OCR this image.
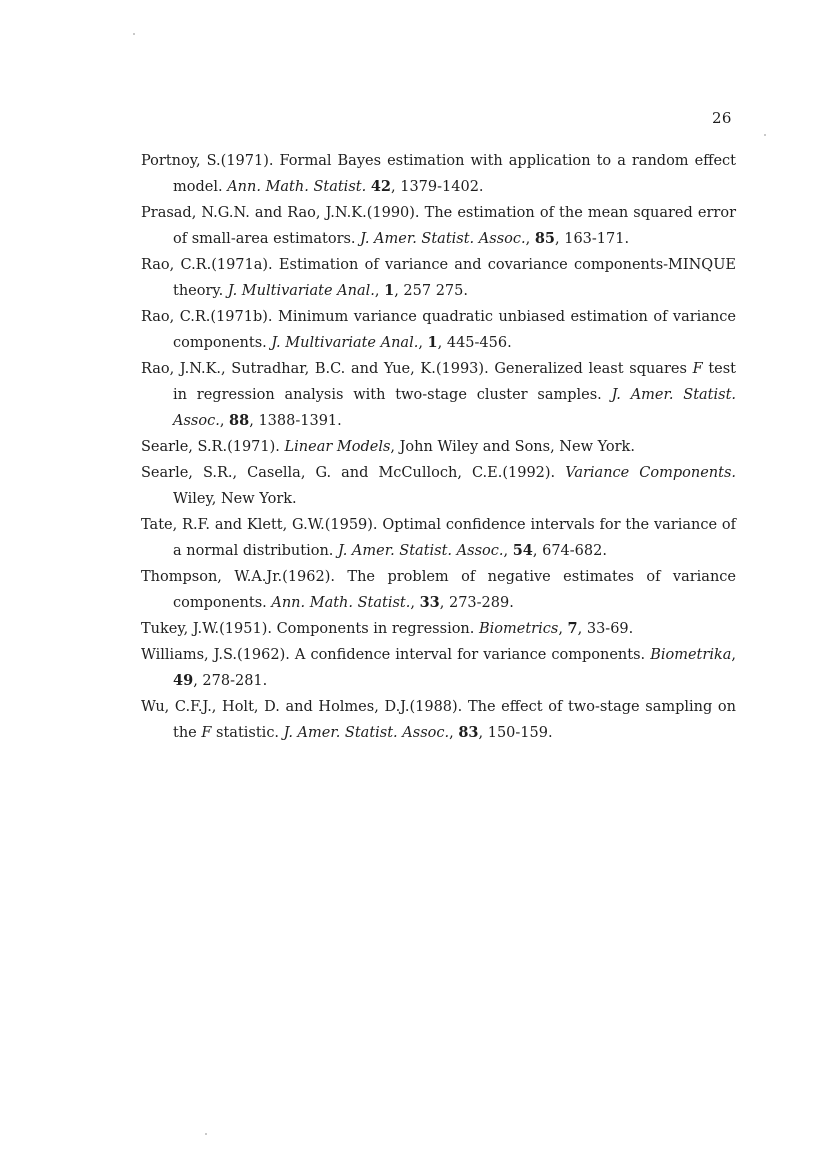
26

Portnoy, S.(1971). Formal Bayes estimation with application to a random effect model. Ann. Math. Statist. 42, 1379-1402.

Prasad, N.G.N. and Rao, J.N.K.(1990). The estimation of the mean squared error of small-area estimators. J. Amer. Statist. Assoc., 85, 163-171.

Rao, C.R.(1971a). Estimation of variance and covariance components-MINQUE theory. J. Multivariate Anal., 1, 257 275.

Rao, C.R.(1971b). Minimum variance quadratic unbiased estimation of variance components. J. Multivariate Anal., 1, 445-456.

Rao, J.N.K., Sutradhar, B.C. and Yue, K.(1993). Generalized least squares F test in regression analysis with two-stage cluster samples. J. Amer. Statist. Assoc., 88, 1388-1391.

Searle, S.R.(1971). Linear Models, John Wiley and Sons, New York.

Searle, S.R., Casella, G. and McCulloch, C.E.(1992). Variance Components. Wiley, New York.

Tate, R.F. and Klett, G.W.(1959). Optimal confidence intervals for the variance of a normal distribution. J. Amer. Statist. Assoc., 54, 674-682.

Thompson, W.A.Jr.(1962). The problem of negative estimates of variance components. Ann. Math. Statist., 33, 273-289.

Tukey, J.W.(1951). Components in regression. Biometrics, 7, 33-69.

Williams, J.S.(1962). A confidence interval for variance components. Biometrika, 49, 278-281.

Wu, C.F.J., Holt, D. and Holmes, D.J.(1988). The effect of two-stage sampling on the F statistic. J. Amer. Statist. Assoc., 83, 150-159.
